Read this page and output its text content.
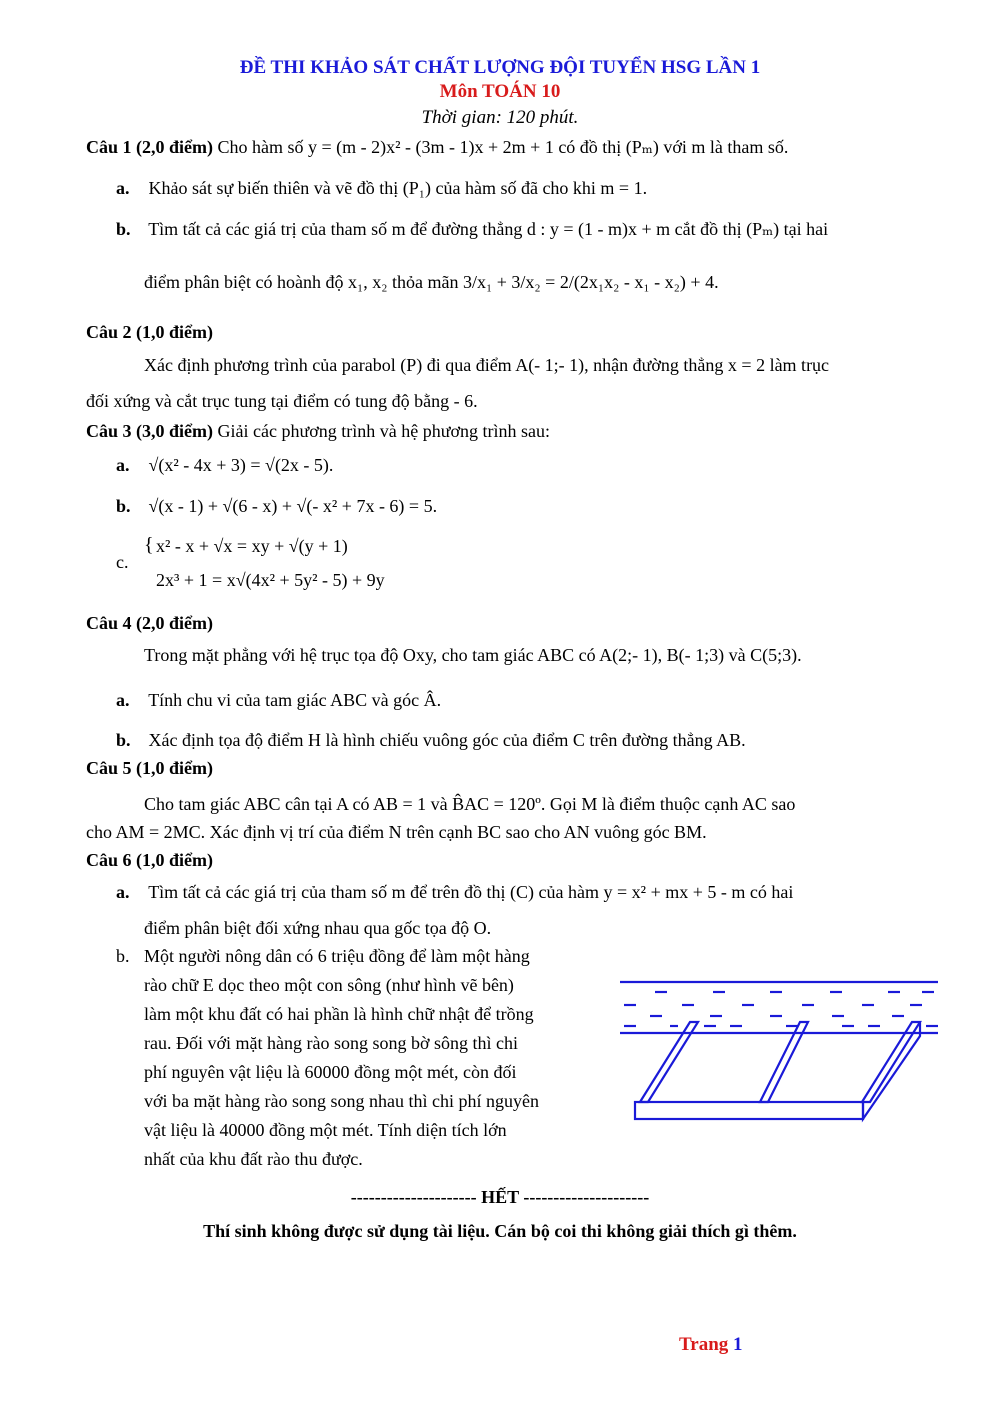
ĐỀ THI KHẢO SÁT CHẤT LƯỢNG ĐỘI TUYỂN HSG LẦN 1
Môn TOÁN 10
Thời gian: 120 phút.
Câu 1 (2,0 điểm) Cho hàm số y = (m - 2)x² - (3m - 1)x + 2m + 1 có đồ thị (Pₘ) với m là tham số.
a. Khảo sát sự biến thiên và vẽ đồ thị (P₁) của hàm số đã cho khi m = 1.
b. Tìm tất cả các giá trị của tham số m để đường thẳng d : y = (1 - m)x + m cắt đồ thị (Pₘ) tại hai
điểm phân biệt có hoành độ x₁, x₂ thỏa mãn 3/x₁ + 3/x₂ = 2/(2x₁x₂ - x₁ - x₂) + 4.
Câu 2 (1,0 điểm)
Xác định phương trình của parabol (P) đi qua điểm A(- 1;- 1), nhận đường thẳng x = 2 làm trục
đối xứng và cắt trục tung tại điểm có tung độ bằng - 6.
Câu 3 (3,0 điểm) Giải các phương trình và hệ phương trình sau:
a. √(x² - 4x + 3) = √(2x - 5).
b. √(x - 1) + √(6 - x) + √(- x² + 7x - 6) = 5.
c.
{ x² - x + √x = xy + √(y + 1)
2x³ + 1 = x√(4x² + 5y² - 5) + 9y
Câu 4 (2,0 điểm)
Trong mặt phẳng với hệ trục tọa độ Oxy, cho tam giác ABC có A(2;- 1), B(- 1;3) và C(5;3).
a. Tính chu vi của tam giác ABC và góc Â.
b. Xác định tọa độ điểm H là hình chiếu vuông góc của điểm C trên đường thẳng AB.
Câu 5 (1,0 điểm)
Cho tam giác ABC cân tại A có AB = 1 và B̂AC = 120º. Gọi M là điểm thuộc cạnh AC sao
cho AM = 2MC. Xác định vị trí của điểm N trên cạnh BC sao cho AN vuông góc BM.
Câu 6 (1,0 điểm)
a. Tìm tất cả các giá trị của tham số m để trên đồ thị (C) của hàm y = x² + mx + 5 - m có hai
điểm phân biệt đối xứng nhau qua gốc tọa độ O.
b. Một người nông dân có 6 triệu đồng để làm một hàng
rào chữ E dọc theo một con sông (như hình vẽ bên)
làm một khu đất có hai phần là hình chữ nhật để trồng
rau. Đối với mặt hàng rào song song bờ sông thì chi
phí nguyên vật liệu là 60000 đồng một mét, còn đối
với ba mặt hàng rào song song nhau thì chi phí nguyên
vật liệu là 40000 đồng một mét. Tính diện tích lớn
nhất của khu đất rào thu được.
--------------------- HẾT ---------------------
Thí sinh không được sử dụng tài liệu. Cán bộ coi thi không giải thích gì thêm.
Trang 1
